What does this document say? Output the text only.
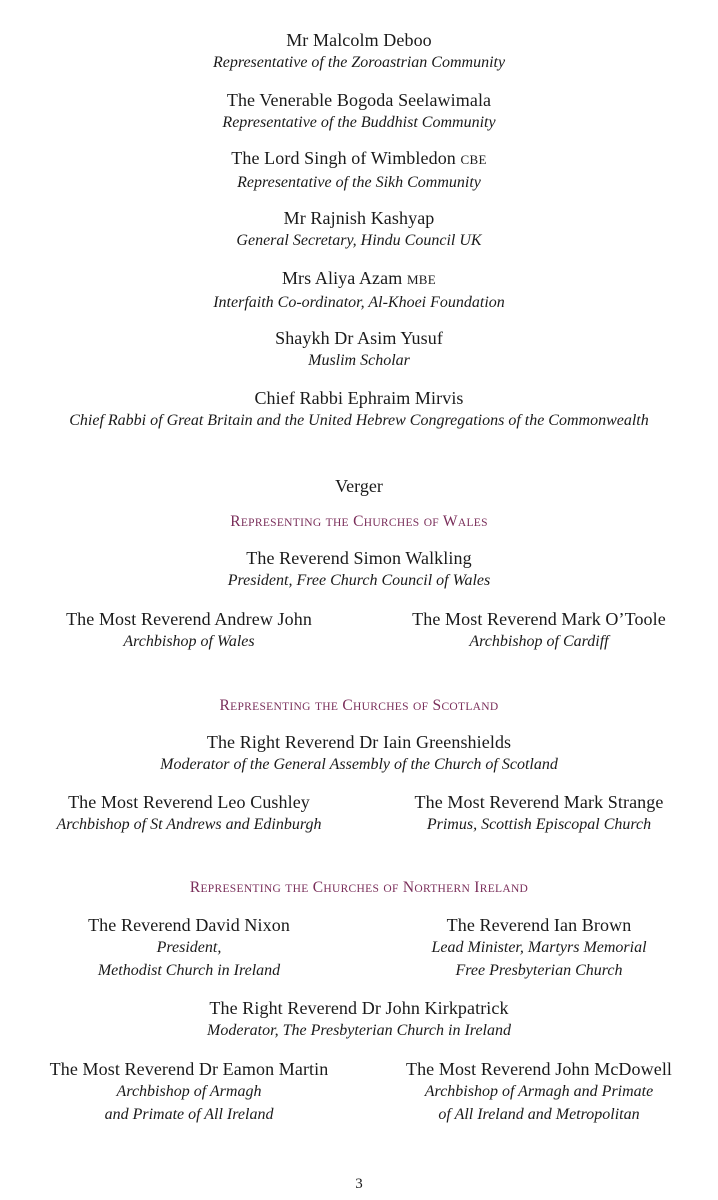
Mr Malcolm Deboo
Representative of the Zoroastrian Community
The Venerable Bogoda Seelawimala
Representative of the Buddhist Community
The Lord Singh of Wimbledon CBE
Representative of the Sikh Community
Mr Rajnish Kashyap
General Secretary, Hindu Council UK
Mrs Aliya Azam MBE
Interfaith Co-ordinator, Al-Khoei Foundation
Shaykh Dr Asim Yusuf
Muslim Scholar
Chief Rabbi Ephraim Mirvis
Chief Rabbi of Great Britain and the United Hebrew Congregations of the Commonwealth
Verger
REPRESENTING THE CHURCHES OF WALES
The Reverend Simon Walkling
President, Free Church Council of Wales
The Most Reverend Andrew John
Archbishop of Wales
The Most Reverend Mark O’Toole
Archbishop of Cardiff
REPRESENTING THE CHURCHES OF SCOTLAND
The Right Reverend Dr Iain Greenshields
Moderator of the General Assembly of the Church of Scotland
The Most Reverend Leo Cushley
Archbishop of St Andrews and Edinburgh
The Most Reverend Mark Strange
Primus, Scottish Episcopal Church
REPRESENTING THE CHURCHES OF NORTHERN IRELAND
The Reverend David Nixon
President,
Methodist Church in Ireland
The Reverend Ian Brown
Lead Minister, Martyrs Memorial
Free Presbyterian Church
The Right Reverend Dr John Kirkpatrick
Moderator, The Presbyterian Church in Ireland
The Most Reverend Dr Eamon Martin
Archbishop of Armagh
and Primate of All Ireland
The Most Reverend John McDowell
Archbishop of Armagh and Primate
of All Ireland and Metropolitan
3
